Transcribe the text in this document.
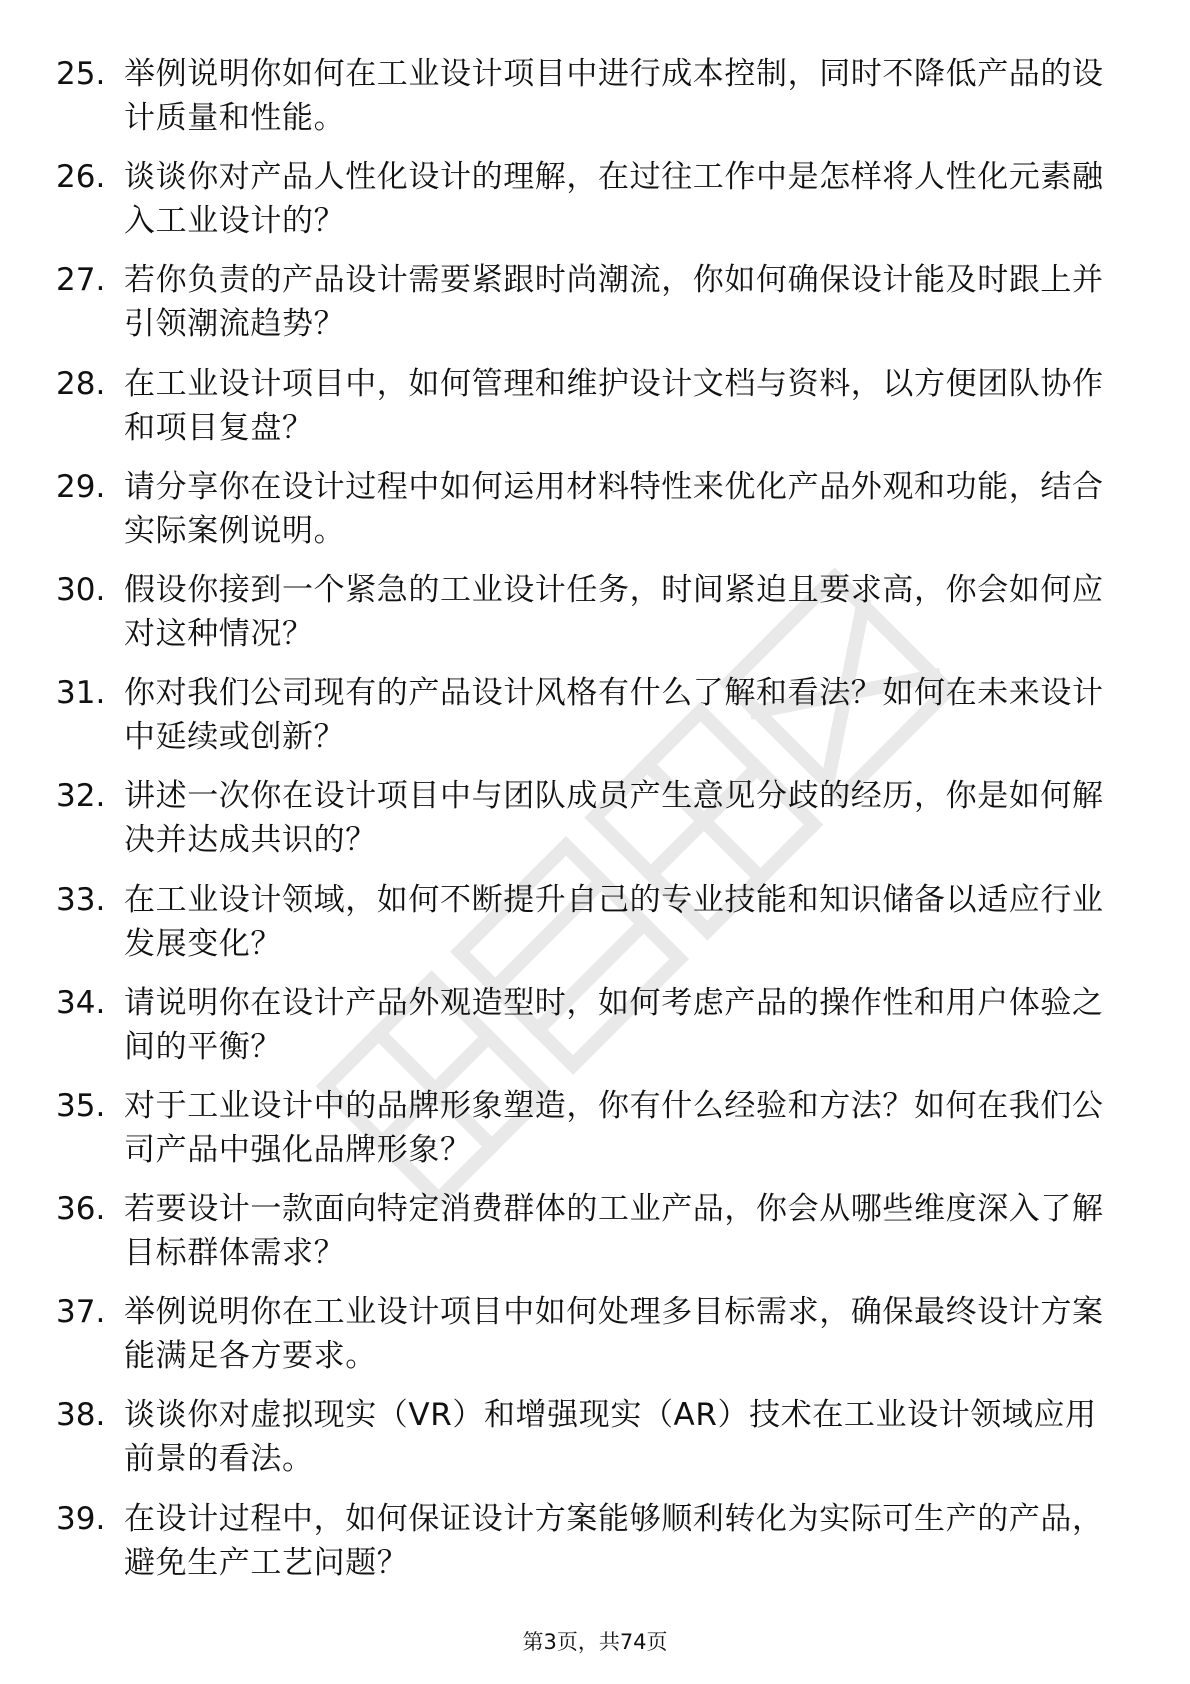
25. 举例说明你如何在工业设计项目中进行成本控制，同时不降低产品的设计质量和性能。
26. 谈谈你对产品人性化设计的理解，在过往工作中是怎样将人性化元素融入工业设计的？
27. 若你负责的产品设计需要紧跟时尚潮流，你如何确保设计能及时跟上并引领潮流趋势？
28. 在工业设计项目中，如何管理和维护设计文档与资料，以方便团队协作和项目复盘？
29. 请分享你在设计过程中如何运用材料特性来优化产品外观和功能，结合实际案例说明。
30. 假设你接到一个紧急的工业设计任务，时间紧迫且要求高，你会如何应对这种情况？
31. 你对我们公司现有的产品设计风格有什么了解和看法？如何在未来设计中延续或创新？
32. 讲述一次你在设计项目中与团队成员产生意见分歧的经历，你是如何解决并达成共识的？
33. 在工业设计领域，如何不断提升自己的专业技能和知识储备以适应行业发展变化？
34. 请说明你在设计产品外观造型时，如何考虑产品的操作性和用户体验之间的平衡？
35. 对于工业设计中的品牌形象塑造，你有什么经验和方法？如何在我们公司产品中强化品牌形象？
36. 若要设计一款面向特定消费群体的工业产品，你会从哪些维度深入了解目标群体需求？
37. 举例说明你在工业设计项目中如何处理多目标需求，确保最终设计方案能满足各方要求。
38. 谈谈你对虚拟现实（VR）和增强现实（AR）技术在工业设计领域应用前景的看法。
39. 在设计过程中，如何保证设计方案能够顺利转化为实际可生产的产品，避免生产工艺问题？
第3页，共74页
